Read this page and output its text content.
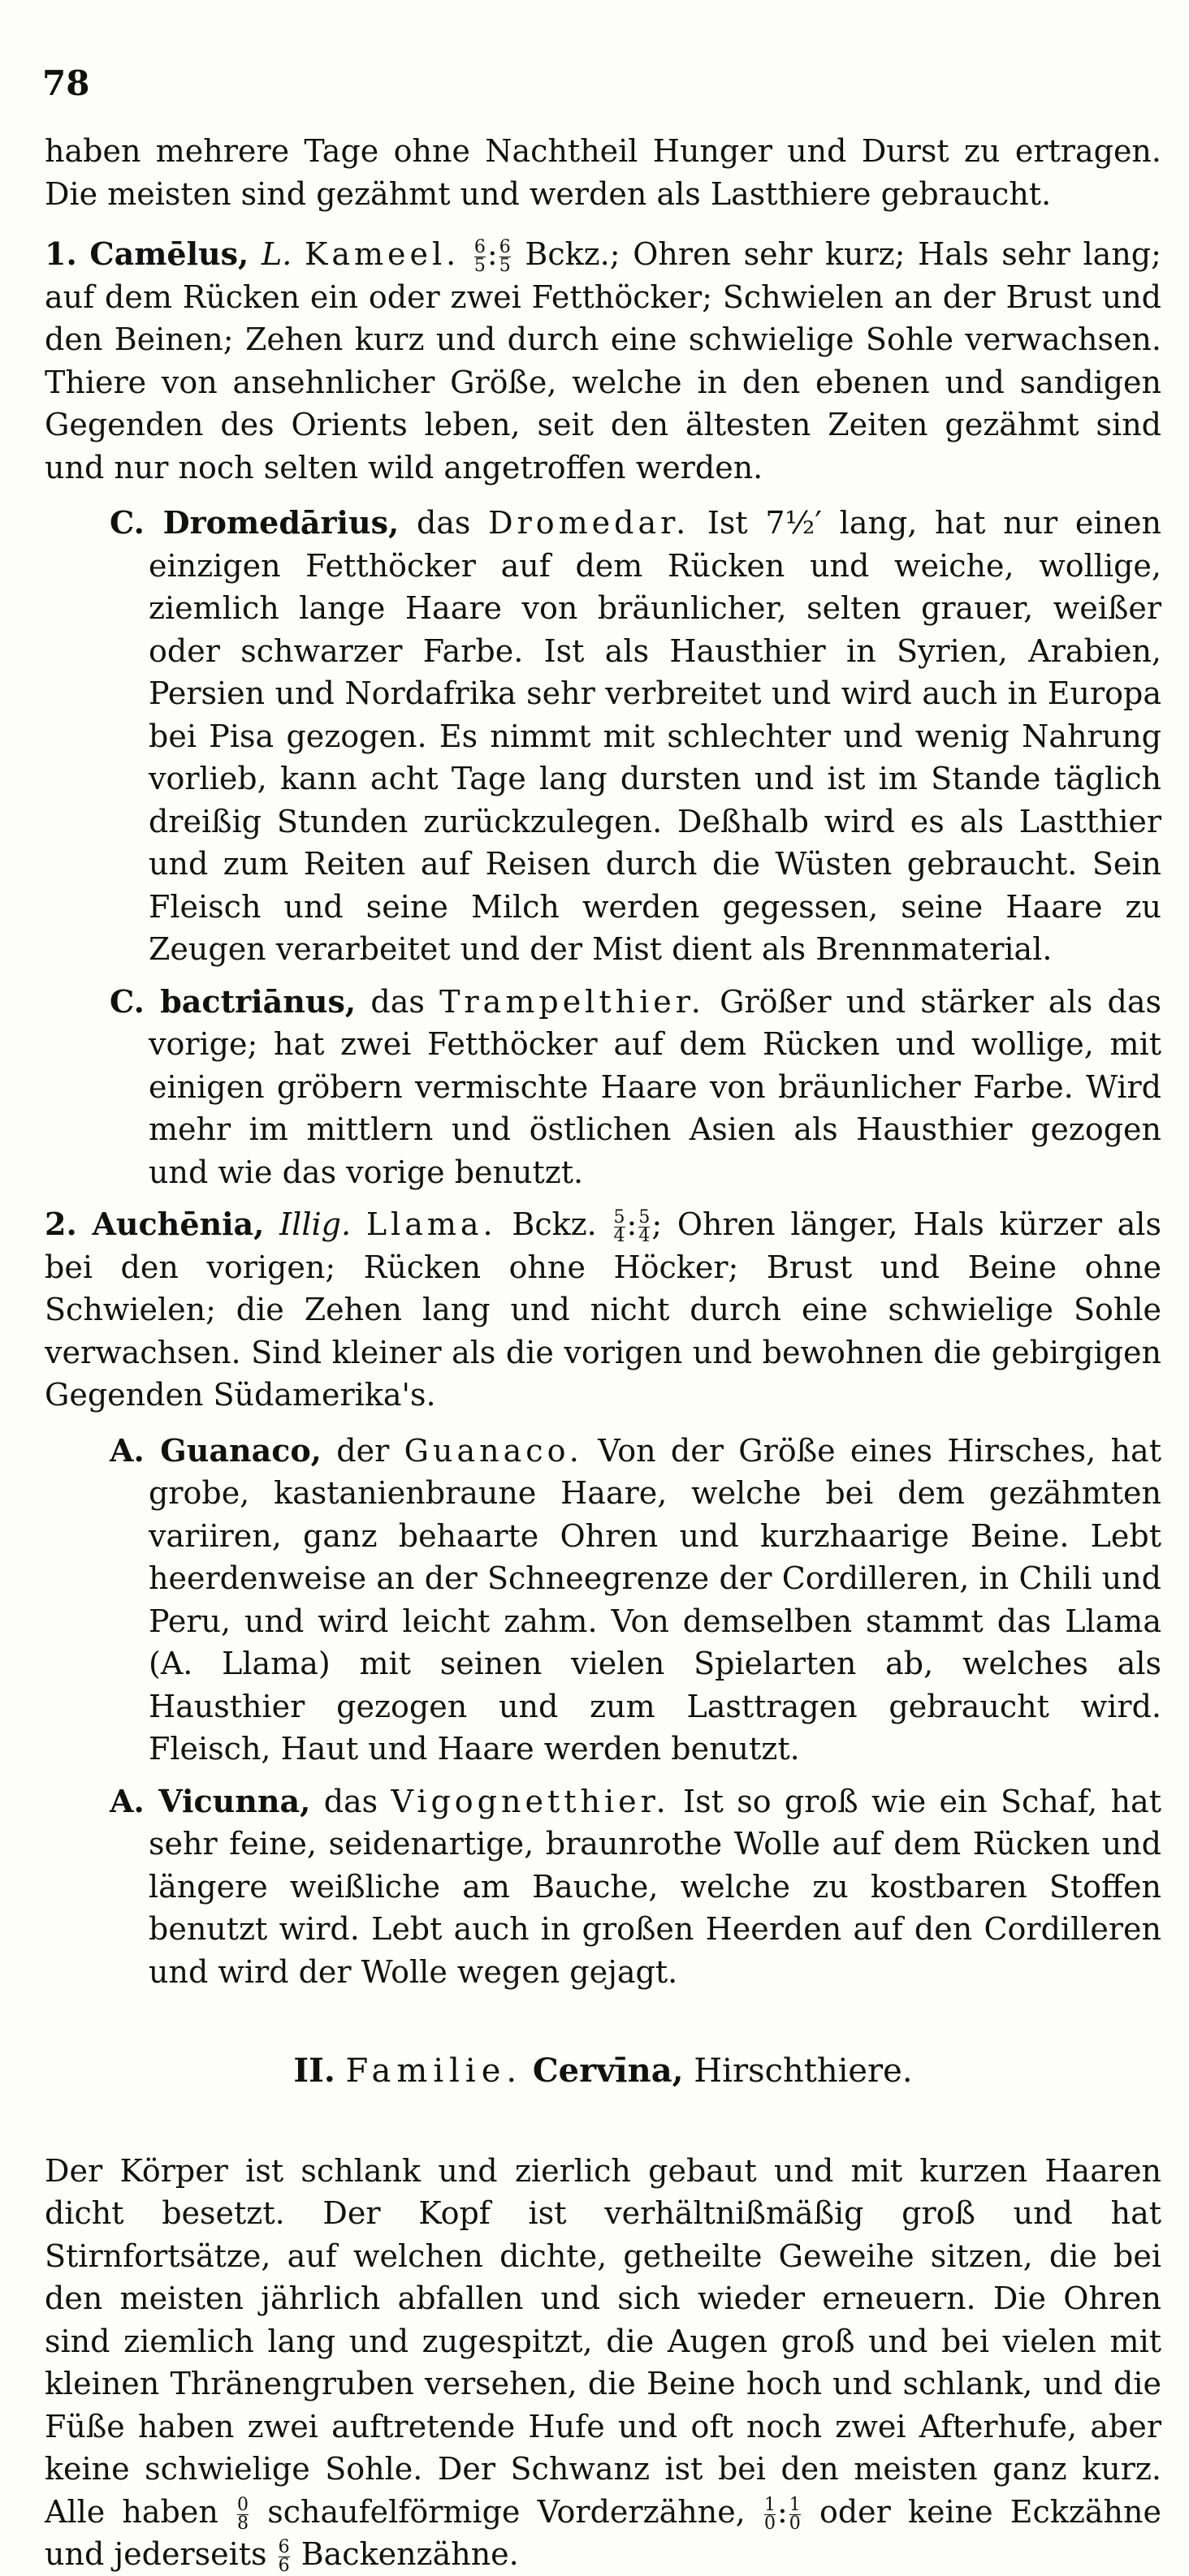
78

haben mehrere Tage ohne Nachtheil Hunger und Durst zu ertragen. Die meisten sind gezähmt und werden als Lastthiere gebraucht.

1. Camēlus, L. Kameel. $\frac{6}{5}$ : $\frac{6}{5}$ Bckz.; Ohren sehr kurz; Hals sehr lang; auf dem Rücken ein oder zwei Fetthöcker; Schwielen an der Brust und den Beinen; Zehen kurz und durch eine schwielige Sohle verwachsen. Thiere von ansehnlicher Größe, welche in den ebenen und sandigen Gegenden des Orients leben, seit den ältesten Zeiten gezähmt sind und nur noch selten wild angetroffen werden.

C. Dromedārius, das Dromedar. Ist 7½′ lang, hat nur einen einzigen Fetthöcker auf dem Rücken und weiche, wollige, ziemlich lange Haare von bräunlicher, selten grauer, weißer oder schwarzer Farbe. Ist als Hausthier in Syrien, Arabien, Persien und Nordafrika sehr verbreitet und wird auch in Europa bei Pisa gezogen. Es nimmt mit schlechter und wenig Nahrung vorlieb, kann acht Tage lang dursten und ist im Stande täglich dreißig Stunden zurückzulegen. Deßhalb wird es als Lastthier und zum Reiten auf Reisen durch die Wüsten gebraucht. Sein Fleisch und seine Milch werden gegessen, seine Haare zu Zeugen verarbeitet und der Mist dient als Brennmaterial.

C. bactriānus, das Trampelthier. Größer und stärker als das vorige; hat zwei Fetthöcker auf dem Rücken und wollige, mit einigen gröbern vermischte Haare von bräunlicher Farbe. Wird mehr im mittlern und östlichen Asien als Hausthier gezogen und wie das vorige benutzt.

2. Auchēnia, Illig. Llama. Bckz. $\frac{5}{4}$ : $\frac{5}{4}$ ; Ohren länger, Hals kürzer als bei den vorigen; Rücken ohne Höcker; Brust und Beine ohne Schwielen; die Zehen lang und nicht durch eine schwielige Sohle verwachsen. Sind kleiner als die vorigen und bewohnen die gebirgigen Gegenden Südamerika's.

A. Guanaco, der Guanaco. Von der Größe eines Hirsches, hat grobe, kastanienbraune Haare, welche bei dem gezähmten variiren, ganz behaarte Ohren und kurzhaarige Beine. Lebt heerdenweise an der Schneegrenze der Cordilleren, in Chili und Peru, und wird leicht zahm. Von demselben stammt das Llama (A. Llama) mit seinen vielen Spielarten ab, welches als Hausthier gezogen und zum Lasttragen gebraucht wird. Fleisch, Haut und Haare werden benutzt.

A. Vicunna, das Vigognetthier. Ist so groß wie ein Schaf, hat sehr feine, seidenartige, braunrothe Wolle auf dem Rücken und längere weißliche am Bauche, welche zu kostbaren Stoffen benutzt wird. Lebt auch in großen Heerden auf den Cordilleren und wird der Wolle wegen gejagt.

II. Familie. Cervīna, Hirschthiere.

Der Körper ist schlank und zierlich gebaut und mit kurzen Haaren dicht besetzt. Der Kopf ist verhältnißmäßig groß und hat Stirnfortsätze, auf welchen dichte, getheilte Geweihe sitzen, die bei den meisten jährlich abfallen und sich wieder erneuern. Die Ohren sind ziemlich lang und zugespitzt, die Augen groß und bei vielen mit kleinen Thränengruben versehen, die Beine hoch und schlank, und die Füße haben zwei auftretende Hufe und oft noch zwei Afterhufe, aber keine schwielige Sohle. Der Schwanz ist bei den meisten ganz kurz. Alle haben $\frac{0}{8}$ schaufelförmige Vorderzähne, $\frac{1}{0}$ : $\frac{1}{0}$ oder keine Eckzähne und jederseits $\frac{6}{6}$ Backenzähne.
